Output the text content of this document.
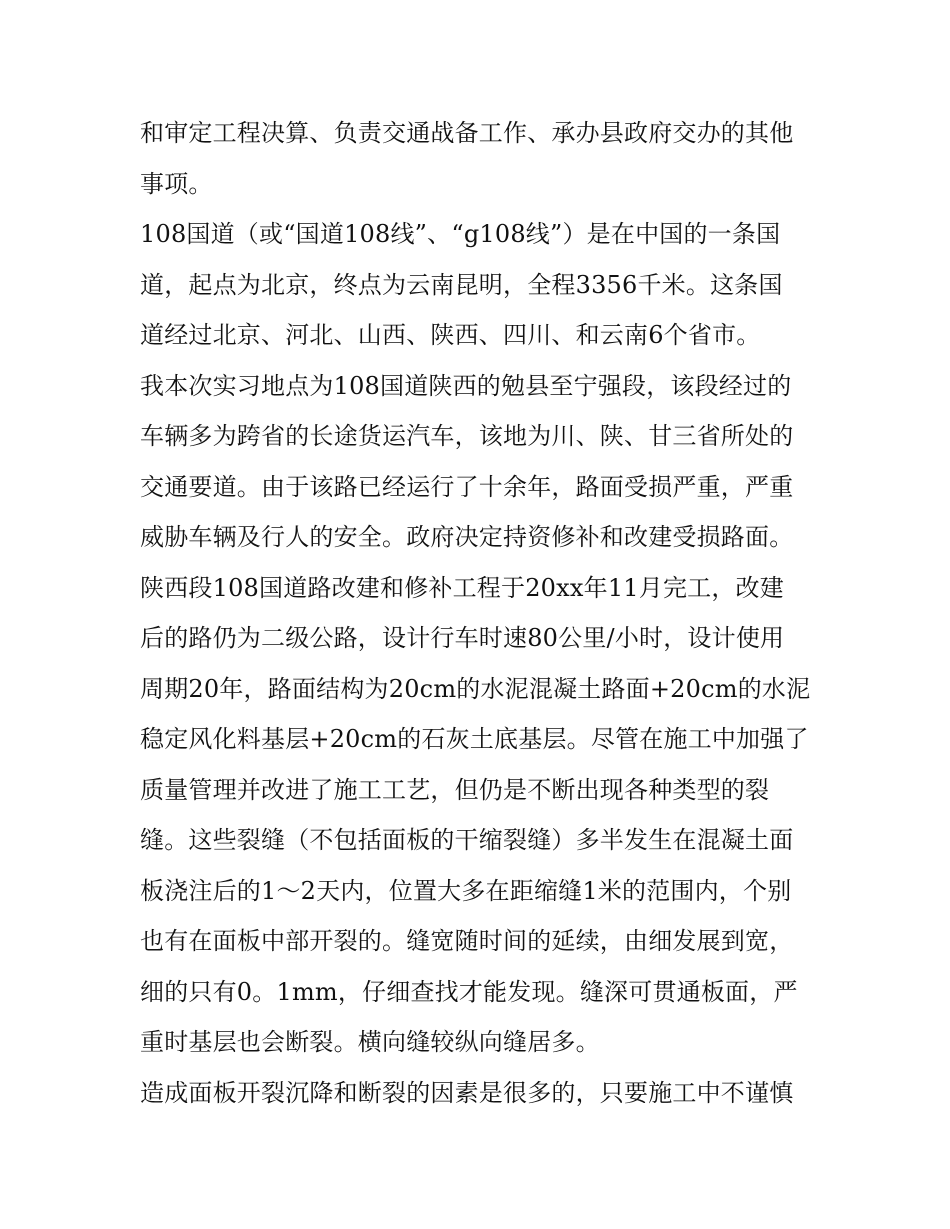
和审定工程决算、负责交通战备工作、承办县政府交办的其他
事项。
108国道（或“国道108线”、“g108线”）是在中国的一条国
道，起点为北京，终点为云南昆明，全程3356千米。这条国
道经过北京、河北、山西、陕西、四川、和云南6个省市。
我本次实习地点为108国道陕西的勉县至宁强段，该段经过的
车辆多为跨省的长途货运汽车，该地为川、陕、甘三省所处的
交通要道。由于该路已经运行了十余年，路面受损严重，严重
威胁车辆及行人的安全。政府决定持资修补和改建受损路面。
陕西段108国道路改建和修补工程于20xx年11月完工，改建
后的路仍为二级公路，设计行车时速80公里/小时，设计使用
周期20年，路面结构为20cm的水泥混凝土路面+20cm的水泥
稳定风化料基层+20cm的石灰土底基层。尽管在施工中加强了
质量管理并改进了施工工艺，但仍是不断出现各种类型的裂
缝。这些裂缝（不包括面板的干缩裂缝）多半发生在混凝土面
板浇注后的1～2天内，位置大多在距缩缝1米的范围内，个别
也有在面板中部开裂的。缝宽随时间的延续，由细发展到宽，
细的只有0。1mm，仔细查找才能发现。缝深可贯通板面，严
重时基层也会断裂。横向缝较纵向缝居多。
造成面板开裂沉降和断裂的因素是很多的，只要施工中不谨慎
